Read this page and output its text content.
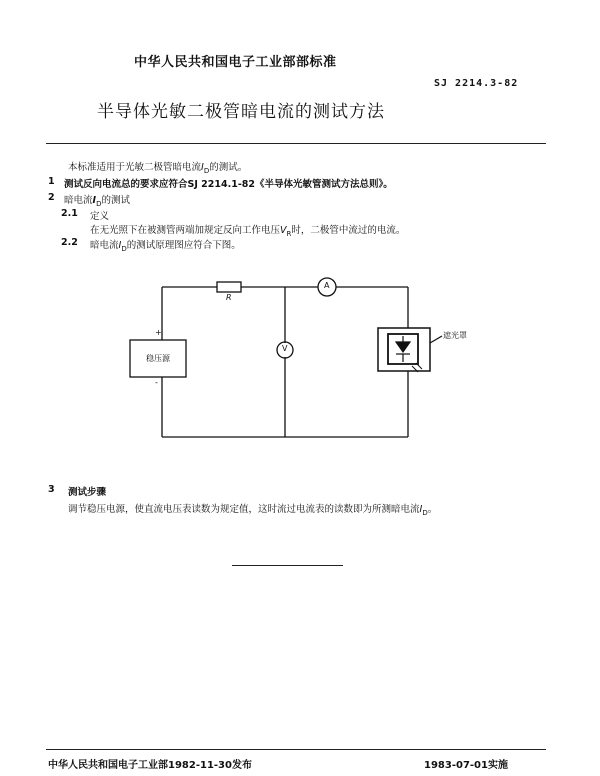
中华人民共和国电子工业部部标准
SJ 2214.3-82
半导体光敏二极管暗电流的测试方法
本标准适用于光敏二极管暗电流$I_D$的测试。
1 测试反向电流总的要求应符合SJ 2214.1-82《半导体光敏管测试方法总则》。
2 暗电流$I_D$的测试
2.1 定义
在无光照下在被测管两端加规定反向工作电压$V_R$时，二极管中流过的电流。
2.2 暗电流$I_D$的测试原理图应符合下图。
R
A
V
稳压源
+
-
遮光罩
3 测试步骤
调节稳压电源，使直流电压表读数为规定值，这时流过电流表的读数即为所测暗电流$I_D$。
中华人民共和国电子工业部1982-11-30发布	1983-07-01实施
